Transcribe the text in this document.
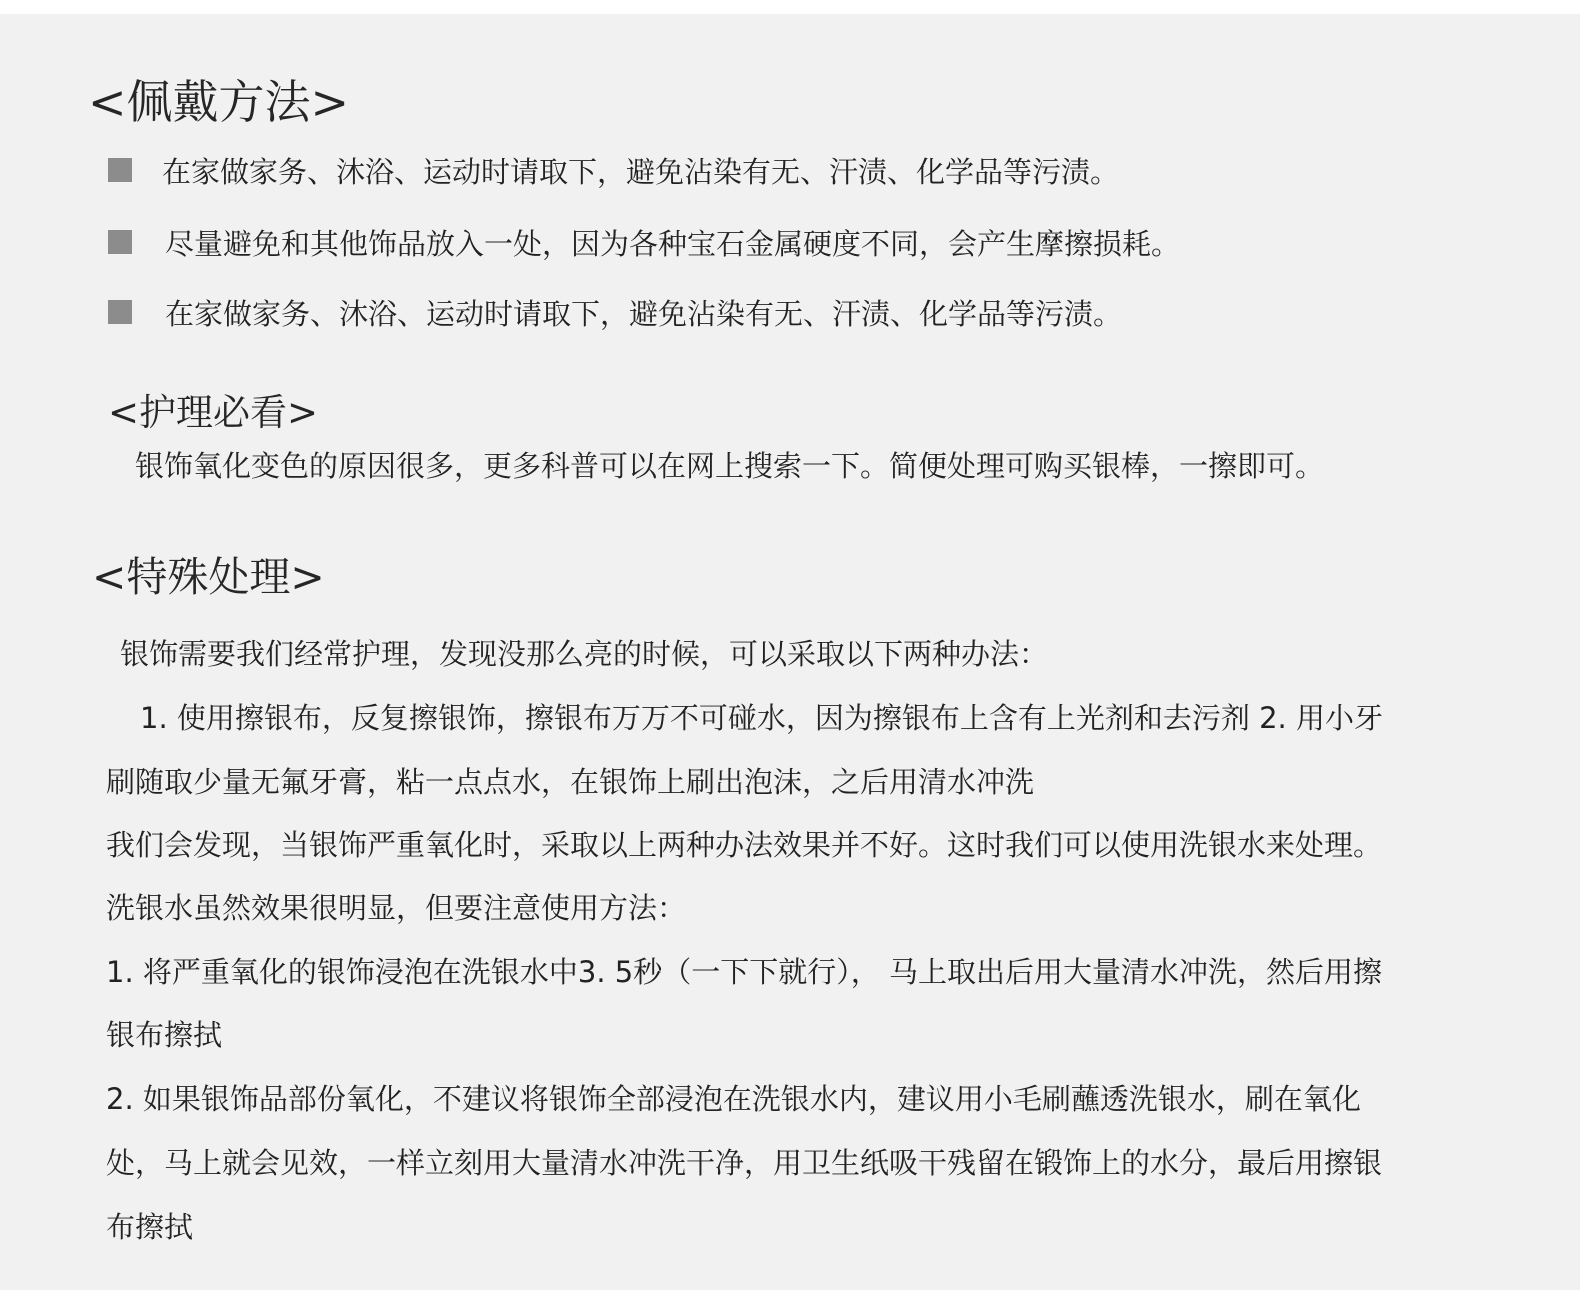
<佩戴方法>
在家做家务、沐浴、运动时请取下，避免沾染有无、汗渍、化学品等污渍。
尽量避免和其他饰品放入一处，因为各种宝石金属硬度不同，会产生摩擦损耗。
在家做家务、沐浴、运动时请取下，避免沾染有无、汗渍、化学品等污渍。
<护理必看>
银饰氧化变色的原因很多，更多科普可以在网上搜索一下。简便处理可购买银棒，一擦即可。
<特殊处理>
银饰需要我们经常护理，发现没那么亮的时候，可以采取以下两种办法：
1. 使用擦银布，反复擦银饰，擦银布万万不可碰水，因为擦银布上含有上光剂和去污剂 2. 用小牙
刷随取少量无氟牙膏，粘一点点水，在银饰上刷出泡沫，之后用清水冲洗
我们会发现，当银饰严重氧化时，采取以上两种办法效果并不好。这时我们可以使用洗银水来处理。
洗银水虽然效果很明显，但要注意使用方法：
1. 将严重氧化的银饰浸泡在洗银水中3. 5秒（一下下就行）， 马上取出后用大量清水冲洗，然后用擦
银布擦拭
2. 如果银饰品部份氧化，不建议将银饰全部浸泡在洗银水内，建议用小毛刷蘸透洗银水，刷在氧化
处，马上就会见效，一样立刻用大量清水冲洗干净，用卫生纸吸干残留在锻饰上的水分，最后用擦银
布擦拭
